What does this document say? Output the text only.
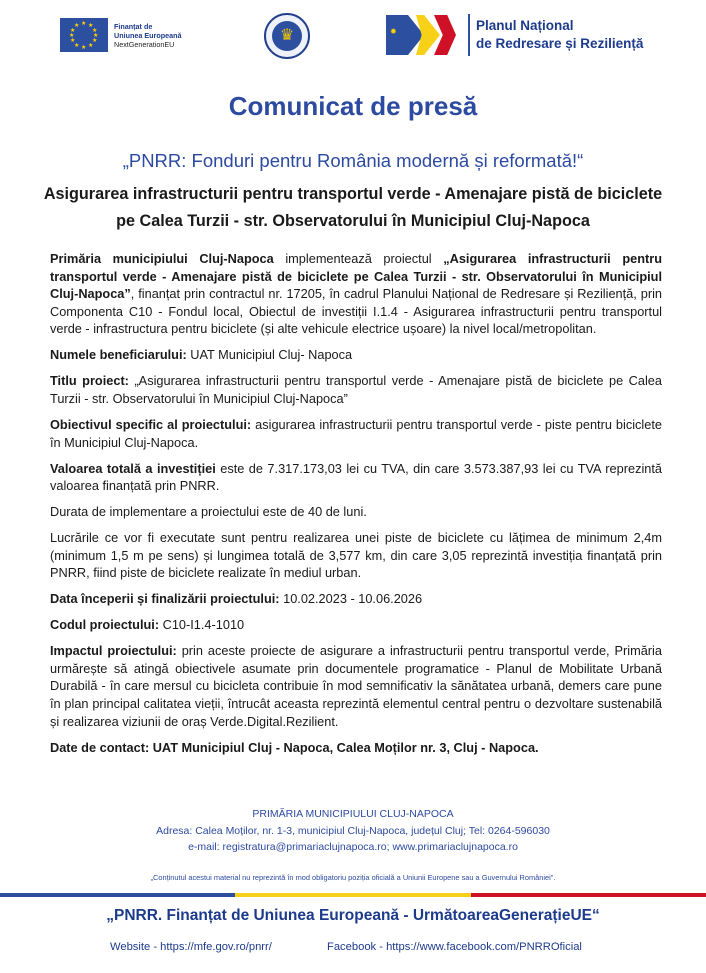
★ ★
★
★
★
★
★
★
★
★
★
★	Finanțat de
Uniunea Europeană
NextGenerationEU	♛	✹	Planul Național
de Redresare și Reziliență
Comunicat de presă
„PNRR: Fonduri pentru România modernă și reformată!“
Asigurarea infrastructurii pentru transportul verde - Amenajare pistă de biciclete
pe Calea Turzii - str. Observatorului în Municipiul Cluj-Napoca

Primăria municipiului Cluj-Napoca implementează proiectul „Asigurarea infrastructurii pentru transportul verde - Amenajare pistă de biciclete pe Calea Turzii - str. Observatorului în Municipiul Cluj-Napoca”, finanțat prin contractul nr. 17205, în cadrul Planului Național de Redresare și Reziliență, prin Componenta C10 - Fondul local, Obiectul de investiții I.1.4 - Asigurarea infrastructurii pentru transportul verde - infrastructura pentru biciclete (și alte vehicule electrice ușoare) la nivel local/metropolitan.

Numele beneficiarului: UAT Municipiul Cluj- Napoca

Titlu proiect: „Asigurarea infrastructurii pentru transportul verde - Amenajare pistă de biciclete pe Calea Turzii - str. Observatorului în Municipiul Cluj-Napoca”

Obiectivul specific al proiectului: asigurarea infrastructurii pentru transportul verde - piste pentru biciclete în Municipiul Cluj-Napoca.

Valoarea totală a investiției este de 7.317.173,03 lei cu TVA, din care 3.573.387,93 lei cu TVA reprezintă valoarea finanțată prin PNRR.

Durata de implementare a proiectului este de 40 de luni.

Lucrările ce vor fi executate sunt pentru realizarea unei piste de biciclete cu lățimea de minimum 2,4m (minimum 1,5 m pe sens) și lungimea totală de 3,577 km, din care 3,05 reprezintă investiția finanțată prin PNRR, fiind piste de biciclete realizate în mediul urban.

Data începerii și finalizării proiectului: 10.02.2023 - 10.06.2026

Codul proiectului: C10-I1.4-1010

Impactul proiectului: prin aceste proiecte de asigurare a infrastructurii pentru transportul verde, Primăria urmărește să atingă obiectivele asumate prin documentele programatice - Planul de Mobilitate Urbană Durabilă - în care mersul cu bicicleta contribuie în mod semnificativ la sănătatea urbană, demers care pune în plan principal calitatea vieții, întrucât aceasta reprezintă elementul central pentru o dezvoltare sustenabilă și realizarea viziunii de oraș Verde.Digital.Rezilient.

Date de contact: UAT Municipiul Cluj - Napoca, Calea Moților nr. 3, Cluj - Napoca.

PRIMĂRIA MUNICIPIULUI CLUJ-NAPOCA
Adresa: Calea Moților, nr. 1-3, municipiul Cluj-Napoca, județul Cluj; Tel: 0264-596030
e-mail: registratura@primariaclujnapoca.ro; www.primariaclujnapoca.ro
„Conținutul acestui material nu reprezintă în mod obligatoriu poziția oficială a Uniunii Europene sau a Guvernului României".
„PNRR. Finanțat de Uniunea Europeană - UrmătoareaGenerațieUE“
Website - https://mfe.gov.ro/pnrr/	Facebook - https://www.facebook.com/PNRROficial
